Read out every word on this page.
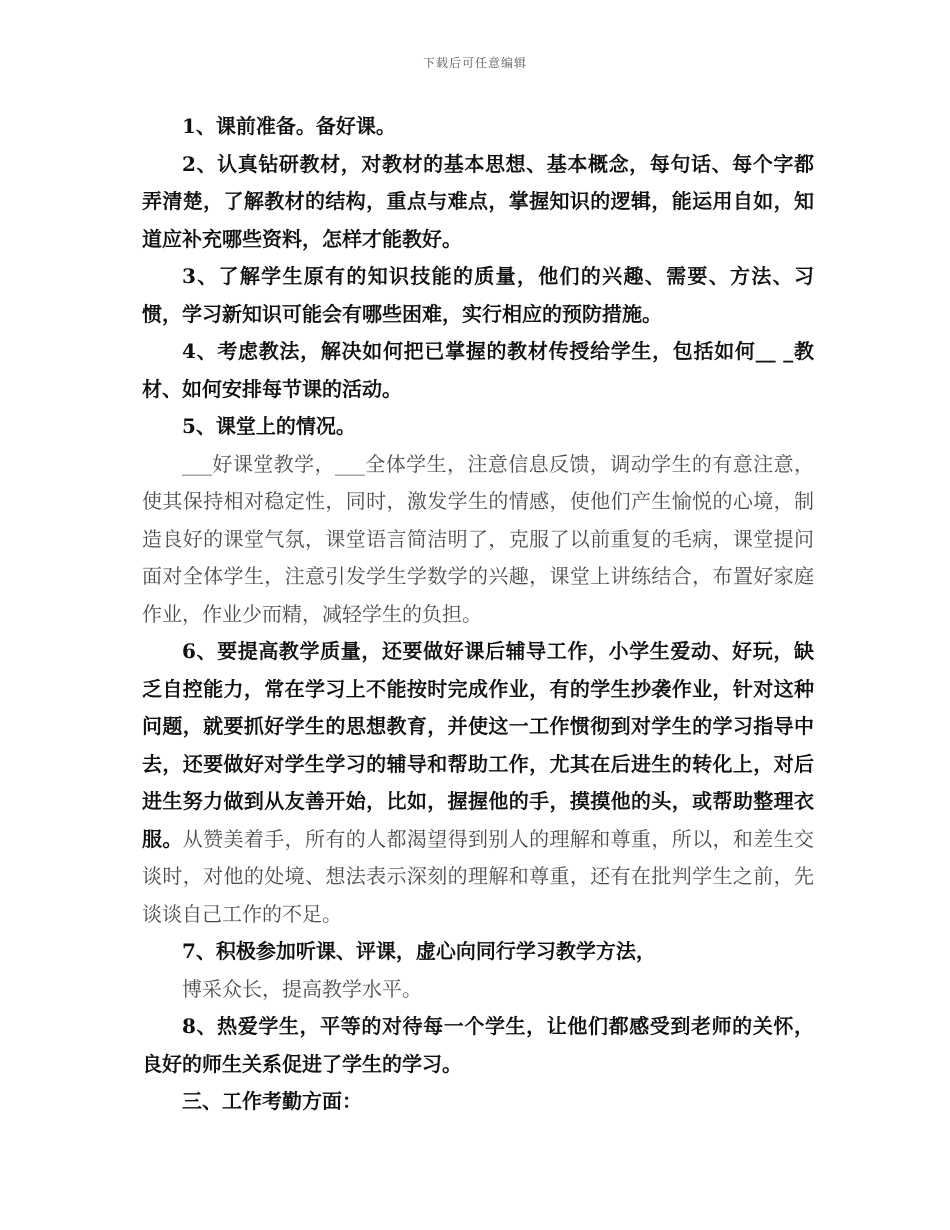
下载后可任意编辑

1、课前准备。备好课。

2、认真钻研教材，对教材的基本思想、基本概念，每句话、每个字都弄清楚，了解教材的结构，重点与难点，掌握知识的逻辑，能运用自如，知道应补充哪些资料，怎样才能教好。

3、了解学生原有的知识技能的质量，他们的兴趣、需要、方法、习惯，学习新知识可能会有哪些困难，实行相应的预防措施。

4、考虑教法，解决如何把已掌握的教材传授给学生，包括如何__ _教材、如何安排每节课的活动。

5、课堂上的情况。

___好课堂教学，___全体学生，注意信息反馈，调动学生的有意注意，使其保持相对稳定性，同时，激发学生的情感，使他们产生愉悦的心境，制造良好的课堂气氛，课堂语言简洁明了，克服了以前重复的毛病，课堂提问面对全体学生，注意引发学生学数学的兴趣，课堂上讲练结合，布置好家庭作业，作业少而精，减轻学生的负担。

6、要提高教学质量，还要做好课后辅导工作，小学生爱动、好玩，缺乏自控能力，常在学习上不能按时完成作业，有的学生抄袭作业，针对这种问题，就要抓好学生的思想教育，并使这一工作惯彻到对学生的学习指导中去，还要做好对学生学习的辅导和帮助工作，尤其在后进生的转化上，对后进生努力做到从友善开始，比如，握握他的手，摸摸他的头，或帮助整理衣服。从赞美着手，所有的人都渴望得到别人的理解和尊重，所以，和差生交谈时，对他的处境、想法表示深刻的理解和尊重，还有在批判学生之前，先谈谈自己工作的不足。

7、积极参加听课、评课，虚心向同行学习教学方法，

博采众长，提高教学水平。

8、热爱学生，平等的对待每一个学生，让他们都感受到老师的关怀，良好的师生关系促进了学生的学习。

三、工作考勤方面：
